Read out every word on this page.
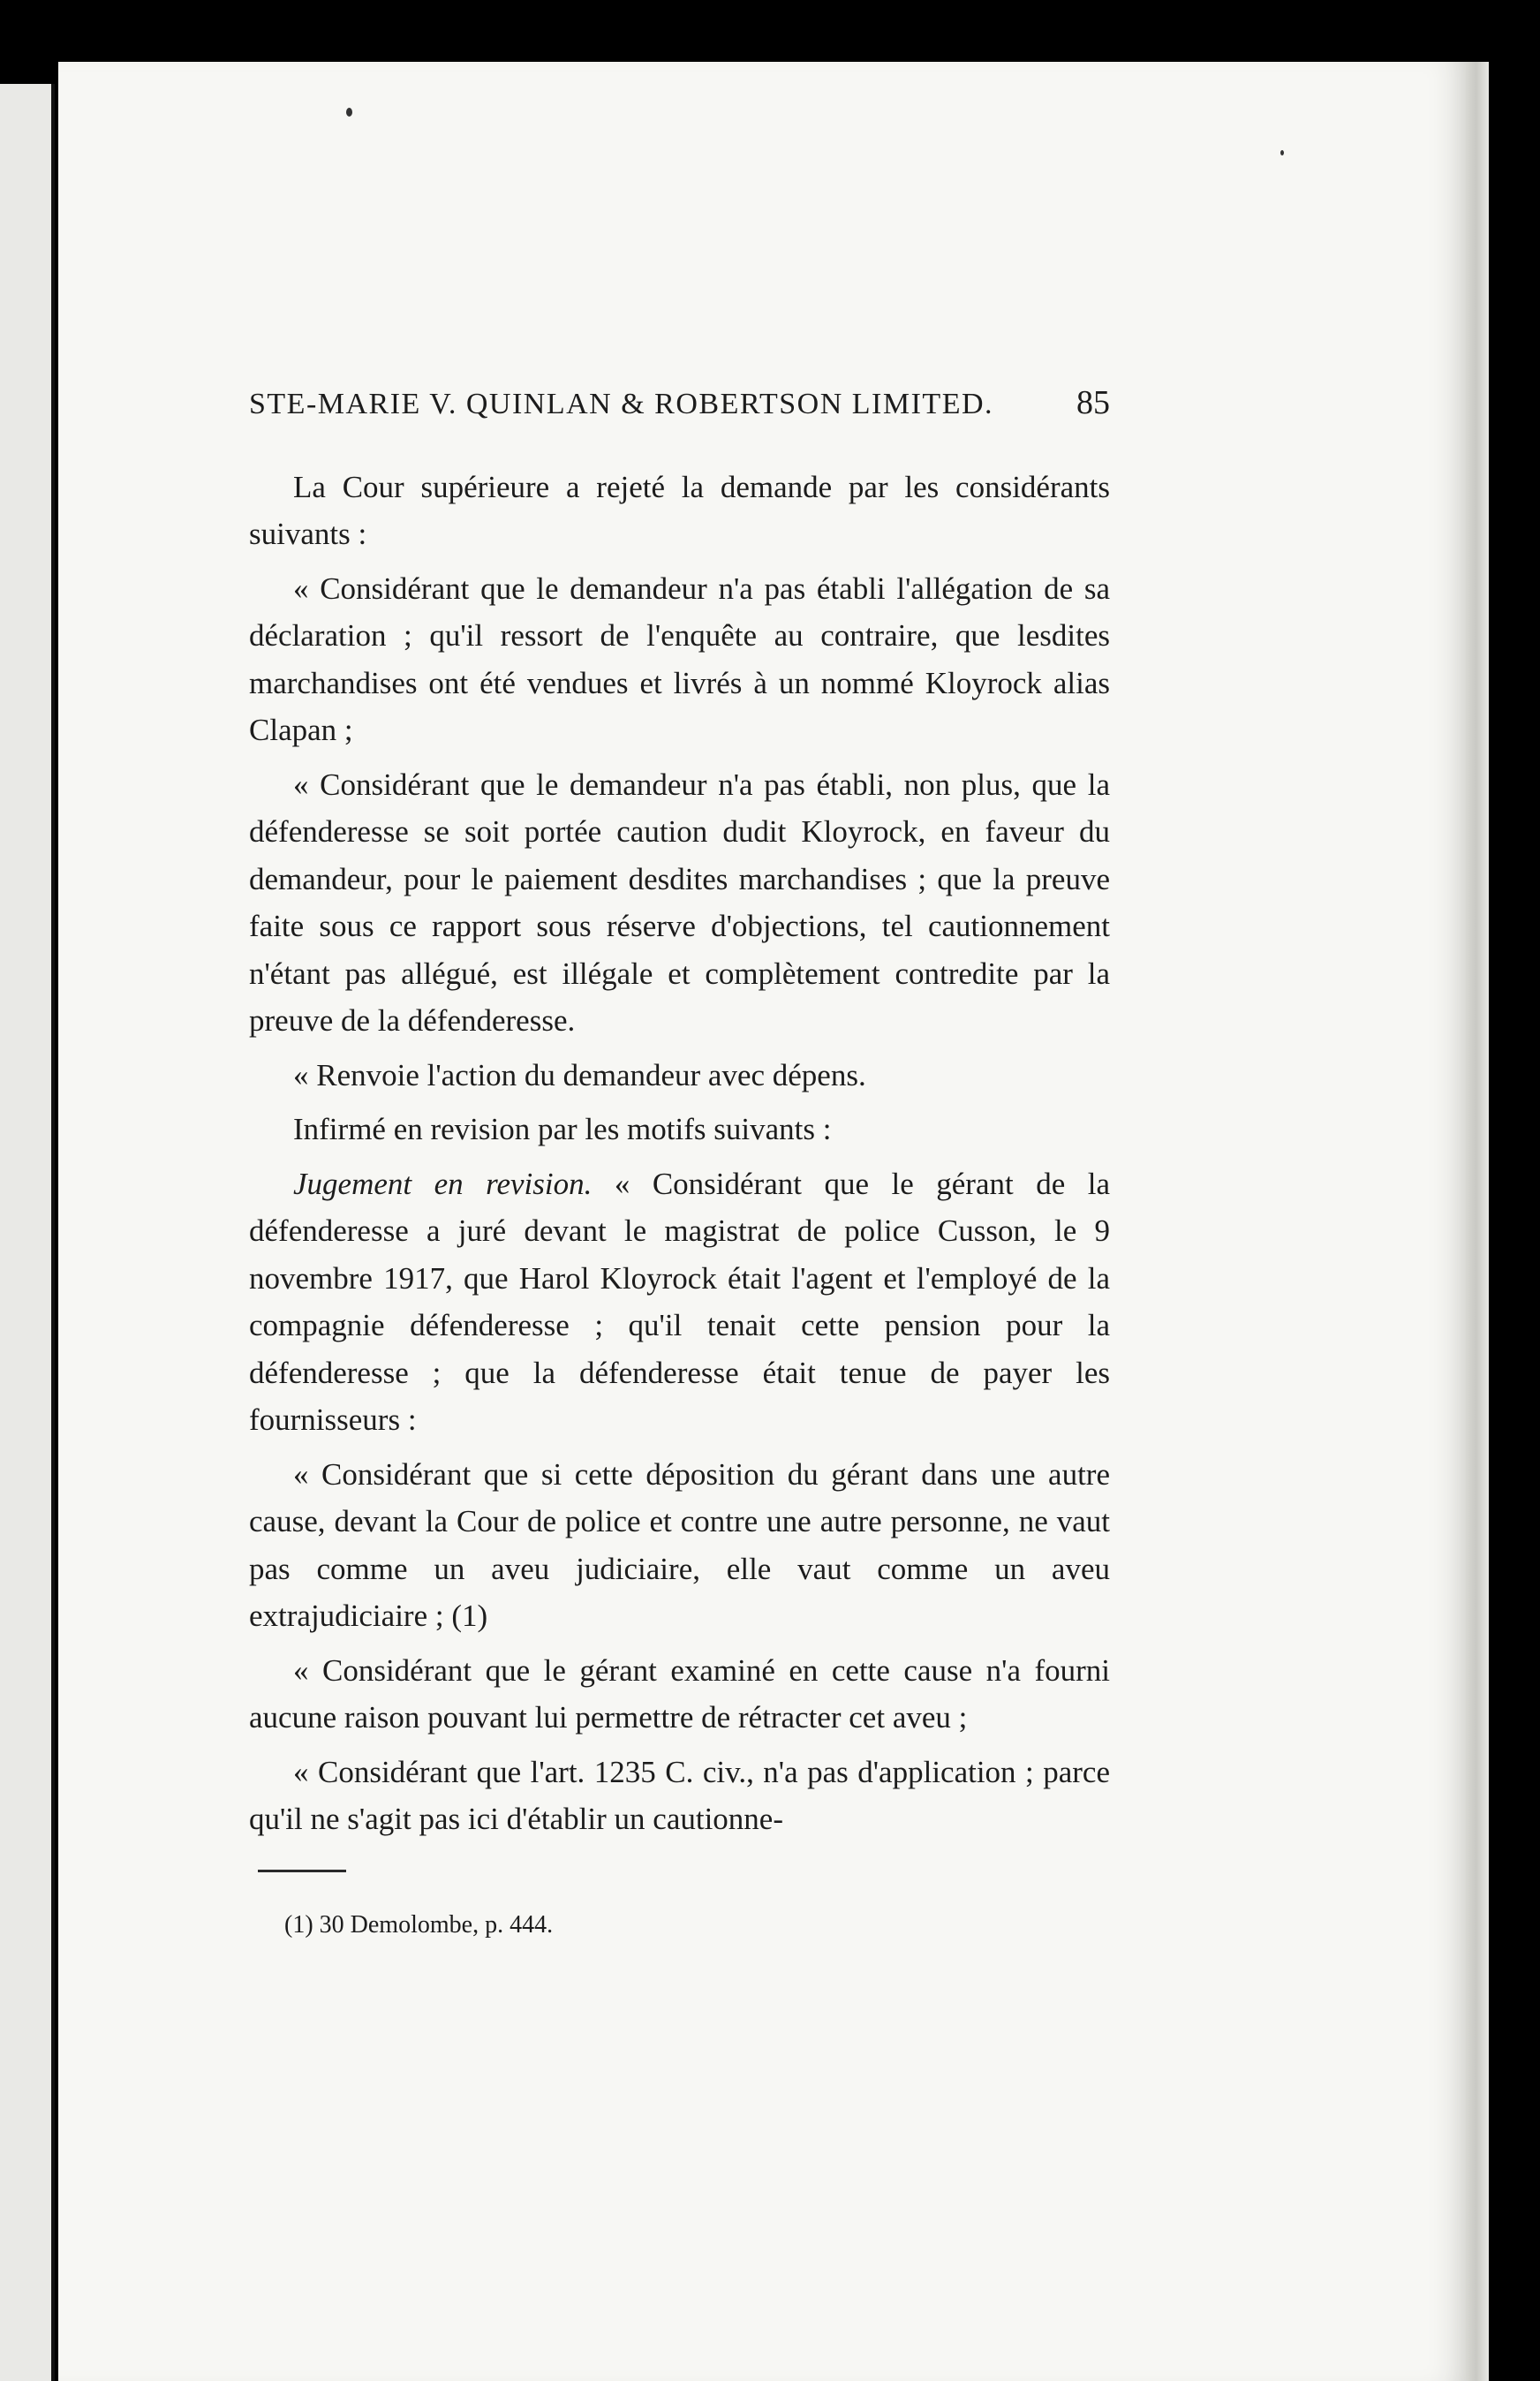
STE-MARIE V. QUINLAN & ROBERTSON LIMITED. 85

La Cour supérieure a rejeté la demande par les considérants suivants :

« Considérant que le demandeur n'a pas établi l'allégation de sa déclaration ; qu'il ressort de l'enquête au contraire, que lesdites marchandises ont été vendues et livrés à un nommé Kloyrock alias Clapan ;

« Considérant que le demandeur n'a pas établi, non plus, que la défenderesse se soit portée caution dudit Kloyrock, en faveur du demandeur, pour le paiement desdites marchandises ; que la preuve faite sous ce rapport sous réserve d'objections, tel cautionnement n'étant pas allégué, est illégale et complètement contredite par la preuve de la défenderesse.

« Renvoie l'action du demandeur avec dépens.

Infirmé en revision par les motifs suivants :

Jugement en revision. « Considérant que le gérant de la défenderesse a juré devant le magistrat de police Cusson, le 9 novembre 1917, que Harol Kloyrock était l'agent et l'employé de la compagnie défenderesse ; qu'il tenait cette pension pour la défenderesse ; que la défenderesse était tenue de payer les fournisseurs :

« Considérant que si cette déposition du gérant dans une autre cause, devant la Cour de police et contre une autre personne, ne vaut pas comme un aveu judiciaire, elle vaut comme un aveu extrajudiciaire ; (1)

« Considérant que le gérant examiné en cette cause n'a fourni aucune raison pouvant lui permettre de rétracter cet aveu ;

« Considérant que l'art. 1235 C. civ., n'a pas d'application ; parce qu'il ne s'agit pas ici d'établir un cautionne-

(1) 30 Demolombe, p. 444.
